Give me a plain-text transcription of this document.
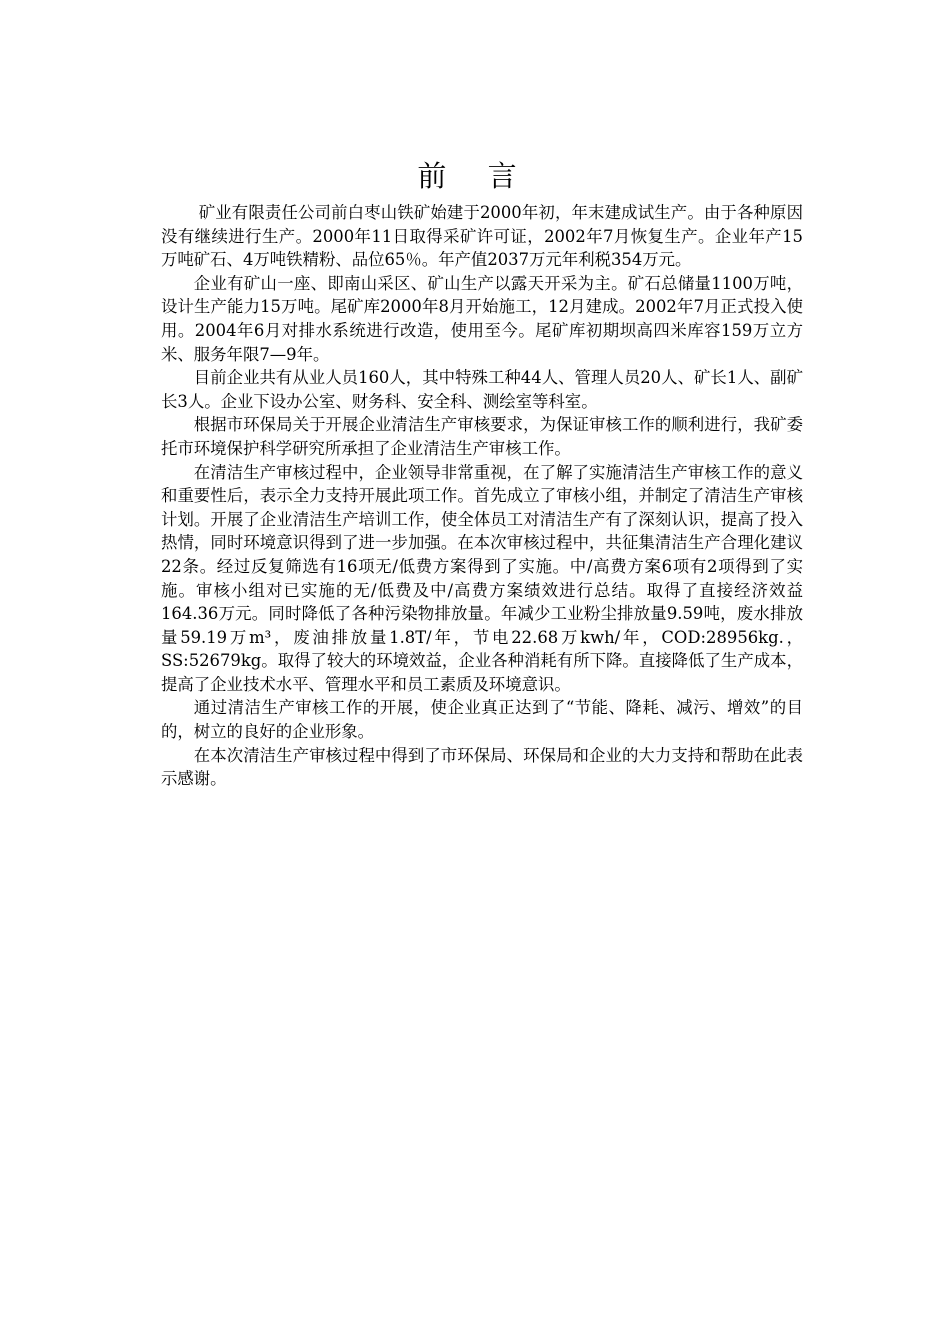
前 言

矿业有限责任公司前白枣山铁矿始建于2000年初，年末建成试生产。由于各种原因没有继续进行生产。2000年11日取得采矿许可证，2002年7月恢复生产。企业年产15万吨矿石、4万吨铁精粉、品位65％。年产值2037万元年利税354万元。

企业有矿山一座、即南山采区、矿山生产以露天开采为主。矿石总储量1100万吨，设计生产能力15万吨。尾矿库2000年8月开始施工，12月建成。2002年7月正式投入使用。2004年6月对排水系统进行改造，使用至今。尾矿库初期坝高四米库容159万立方米、服务年限7—9年。

目前企业共有从业人员160人，其中特殊工种44人、管理人员20人、矿长1人、副矿长3人。企业下设办公室、财务科、安全科、测绘室等科室。

根据市环保局关于开展企业清洁生产审核要求，为保证审核工作的顺利进行，我矿委托市环境保护科学研究所承担了企业清洁生产审核工作。

在清洁生产审核过程中，企业领导非常重视，在了解了实施清洁生产审核工作的意义和重要性后，表示全力支持开展此项工作。首先成立了审核小组，并制定了清洁生产审核计划。开展了企业清洁生产培训工作，使全体员工对清洁生产有了深刻认识，提高了投入热情，同时环境意识得到了进一步加强。在本次审核过程中，共征集清洁生产合理化建议22条。经过反复筛选有16项无/低费方案得到了实施。中/高费方案6项有2项得到了实施。审核小组对已实施的无/低费及中/高费方案绩效进行总结。取得了直接经济效益164.36万元。同时降低了各种污染物排放量。年减少工业粉尘排放量9.59吨，废水排放量59.19万m³，废油排放量1.8T/年，节电22.68万kwh/年，COD:28956kg.，SS:52679kg。取得了较大的环境效益，企业各种消耗有所下降。直接降低了生产成本，提高了企业技术水平、管理水平和员工素质及环境意识。

通过清洁生产审核工作的开展，使企业真正达到了“节能、降耗、减污、增效”的目的，树立的良好的企业形象。

在本次清洁生产审核过程中得到了市环保局、环保局和企业的大力支持和帮助在此表示感谢。
